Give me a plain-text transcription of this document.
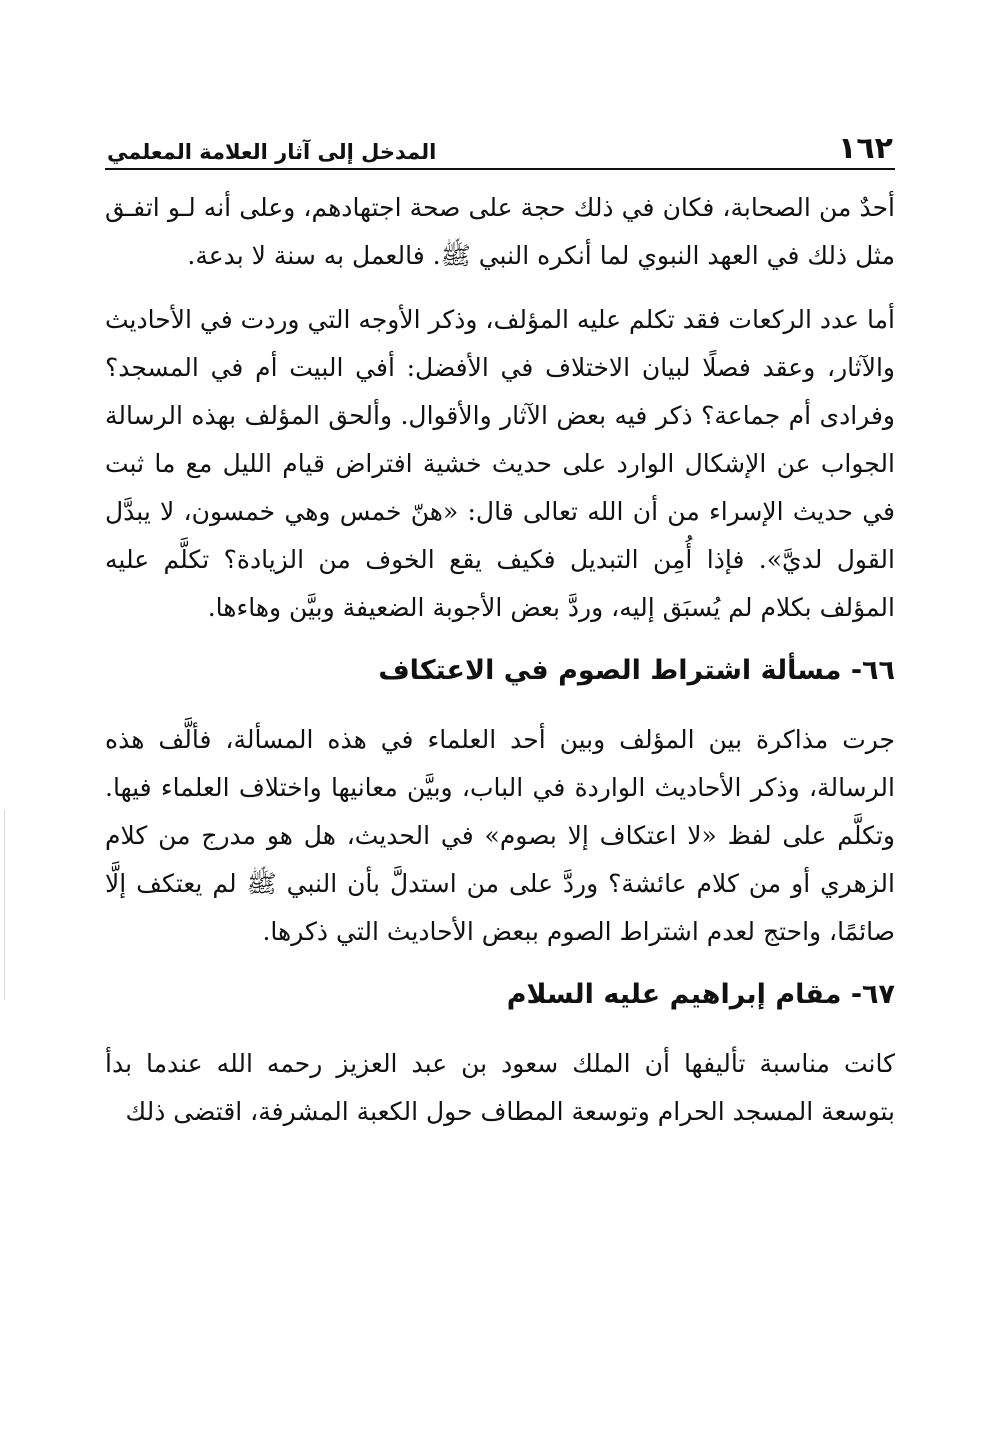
١٦٢
المدخل إلى آثار العلامة المعلمي

أحدٌ من الصحابة، فكان في ذلك حجة على صحة اجتهادهم، وعلى أنه لـو اتفـق مثل ذلك في العهد النبوي لما أنكره النبي ﷺ. فالعمل به سنة لا بدعة.

أما عدد الركعات فقد تكلم عليه المؤلف، وذكر الأوجه التي وردت في الأحاديث والآثار، وعقد فصلًا لبيان الاختلاف في الأفضل: أفي البيت أم في المسجد؟ وفرادى أم جماعة؟ ذكر فيه بعض الآثار والأقوال. وألحق المؤلف بهذه الرسالة الجواب عن الإشكال الوارد على حديث خشية افتراض قيام الليل مع ما ثبت في حديث الإسراء من أن الله تعالى قال: «هنّ خمس وهي خمسون، لا يبدَّل القول لديَّ». فإذا أُمِن التبديل فكيف يقع الخوف من الزيادة؟ تكلَّم عليه المؤلف بكلام لم يُسبَق إليه، وردَّ بعض الأجوبة الضعيفة وبيَّن وهاءها.

٦٦- مسألة اشتراط الصوم في الاعتكاف

جرت مذاكرة بين المؤلف وبين أحد العلماء في هذه المسألة، فألَّف هذه الرسالة، وذكر الأحاديث الواردة في الباب، وبيَّن معانيها واختلاف العلماء فيها. وتكلَّم على لفظ «لا اعتكاف إلا بصوم» في الحديث، هل هو مدرج من كلام الزهري أو من كلام عائشة؟ وردَّ على من استدلَّ بأن النبي ﷺ لم يعتكف إلَّا صائمًا، واحتج لعدم اشتراط الصوم ببعض الأحاديث التي ذكرها.

٦٧- مقام إبراهيم عليه السلام

كانت مناسبة تأليفها أن الملك سعود بن عبد العزيز رحمه الله عندما بدأ بتوسعة المسجد الحرام وتوسعة المطاف حول الكعبة المشرفة، اقتضى ذلك
